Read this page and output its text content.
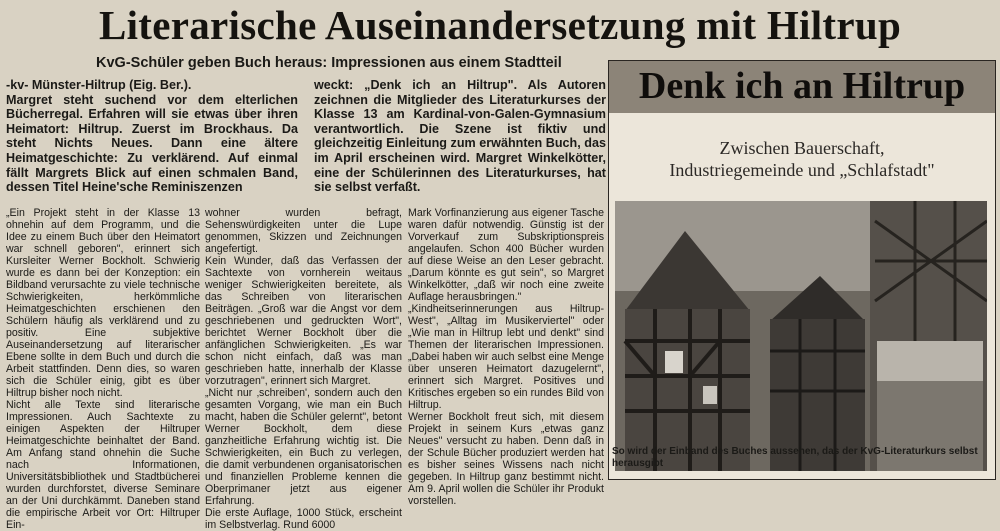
Literarische Auseinandersetzung mit Hiltrup
KvG-Schüler geben Buch heraus: Impressionen aus einem Stadtteil
-kv- Münster-Hiltrup (Eig. Ber.).
Margret steht suchend vor dem elterlichen Bücherregal. Erfahren will sie etwas über ihren Heimatort: Hiltrup. Zuerst im Brockhaus. Da steht Nichts Neues. Dann eine ältere Heimatgeschichte: Zu verklärend. Auf einmal fällt Margrets Blick auf einen schmalen Band, dessen Titel Heine'sche Reminiszenzen
weckt: „Denk ich an Hiltrup". Als Autoren zeichnen die Mitglieder des Literaturkurses der Klasse 13 am Kardinal-von-Galen-Gymnasium verantwortlich. Die Szene ist fiktiv und gleichzeitig Einleitung zum erwähnten Buch, das im April erscheinen wird. Margret Winkelkötter, eine der Schülerinnen des Literaturkurses, hat sie selbst verfaßt.
„Ein Projekt steht in der Klasse 13 ohnehin auf dem Programm, und die Idee zu einem Buch über den Heimatort war schnell geboren", erinnert sich Kursleiter Werner Bockholt. Schwierig wurde es dann bei der Konzeption: ein Bildband verursachte zu viele technische Schwierigkeiten, herkömmliche Heimatgeschichten erschienen den Schülern häufig als verklärend und zu positiv. Eine subjektive Auseinandersetzung auf literarischer Ebene sollte in dem Buch und durch die Arbeit stattfinden. Denn dies, so waren sich die Schüler einig, gibt es über Hiltrup bisher noch nicht.
Nicht alle Texte sind literarische Impressionen. Auch Sachtexte zu einigen Aspekten der Hiltruper Heimatgeschichte beinhaltet der Band. Am Anfang stand ohnehin die Suche nach Informationen, Universitätsbibliothek und Stadtbücherei wurden durchforstet, diverse Seminare an der Uni durchkämmt. Daneben stand die empirische Arbeit vor Ort: Hiltruper Ein-
wohner wurden befragt, Sehenswürdigkeiten unter die Lupe genommen, Skizzen und Zeichnungen angefertigt.
Kein Wunder, daß das Verfassen der Sachtexte von vornherein weitaus weniger Schwierigkeiten bereitete, als das Schreiben von literarischen Beiträgen. „Groß war die Angst vor dem geschriebenen und gedruckten Wort", berichtet Werner Bockholt über die anfänglichen Schwierigkeiten. „Es war schon nicht einfach, daß was man geschrieben hatte, innerhalb der Klasse vorzutragen", erinnert sich Margret.
„Nicht nur ‚schreiben', sondern auch den gesamten Vorgang, wie man ein Buch macht, haben die Schüler gelernt", betont Werner Bockholt, dem diese ganzheitliche Erfahrung wichtig ist. Die Schwierigkeiten, ein Buch zu verlegen, die damit verbundenen organisatorischen und finanziellen Probleme kennen die Oberprimaner jetzt aus eigener Erfahrung.
Die erste Auflage, 1000 Stück, erscheint im Selbstverlag. Rund 6000
Mark Vorfinanzierung aus eigener Tasche waren dafür notwendig. Günstig ist der Vorverkauf zum Subskriptionspreis angelaufen. Schon 400 Bücher wurden auf diese Weise an den Leser gebracht. „Darum könnte es gut sein", so Margret Winkelkötter, „daß wir noch eine zweite Auflage herausbringen."
„Kindheitserinnerungen aus Hiltrup-West", „Alltag im Musikerviertel" oder „Wie man in Hiltrup lebt und denkt" sind Themen der literarischen Impressionen. „Dabei haben wir auch selbst eine Menge über unseren Heimatort dazugelernt", erinnert sich Margret. Positives und Kritisches ergeben so ein rundes Bild von Hiltrup.
Werner Bockholt freut sich, mit diesem Projekt in seinem Kurs „etwas ganz Neues" versucht zu haben. Denn daß in der Schule Bücher produziert werden hat es bisher seines Wissens nach nicht gegeben. In Hiltrup ganz bestimmt nicht. Am 9. April wollen die Schüler ihr Produkt vorstellen.
Denk ich an Hiltrup
Zwischen Bauerschaft,
Industriegemeinde und „Schlafstadt"
So wird der Einband des Buches aussehen, das der KvG-Literaturkurs selbst herausgibt
